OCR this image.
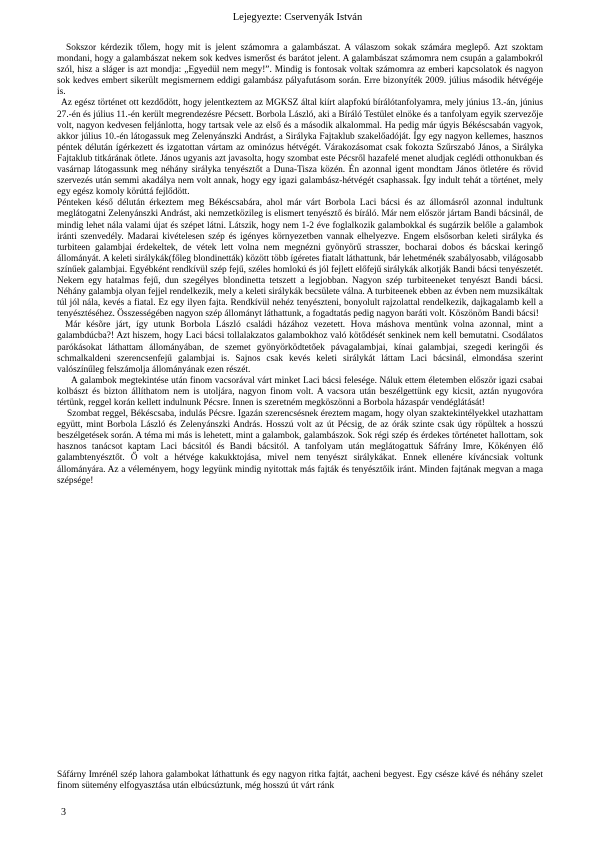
Lejegyezte: Cservenyák István

Sokszor kérdezik tőlem, hogy mit is jelent számomra a galambászat. A válaszom sokak számára meglepő. Azt szoktam mondani, hogy a galambászat nekem sok kedves ismerőst és barátot jelent. A galambászat számomra nem csupán a galambokról szól, hisz a sláger is azt mondja: „Egyedül nem megy!”. Mindig is fontosak voltak számomra az emberi kapcsolatok és nagyon sok kedves embert sikerült megismernem eddigi galambász pályafutásom során. Erre bizonyíték 2009. július második hétvégéje is.

Az egész történet ott kezdődött, hogy jelentkeztem az MGKSZ által kiírt alapfokú bírálótanfolyamra, mely június 13.-án, június 27.-én és július 11.-én került megrendezésre Pécsett. Borbola László, aki a Bíráló Testület elnöke és a tanfolyam egyik szervezője volt, nagyon kedvesen feljánlotta, hogy tartsak vele az első és a második alkalommal. Ha pedig már úgyis Békéscsabán vagyok, akkor július 10.-én látogassuk meg Zelenyánszki Andrást, a Sirálykа Fajtaklub szakelőadóját. Így egy nagyon kellemes, hasznos péntek délután ígérkezett és izgatottan vártam az ominózus hétvégét. Várakozásomat csak fokozta Szűrszabó János, a Sirálykа Fajtaklub titkárának ötlete. János ugyanis azt javasolta, hogy szombat este Pécsről hazafelé menet aludjak ceglédi otthonukban és vasárnap látogassunk meg néhány sirályka tenyésztőt a Duna-Tisza közén. Én azonnal igent mondtam János ötletére és rövid szervezés után semmi akadálya nem volt annak, hogy egy igazi galambász-hétvégét csaphassak. Így indult tehát a történet, mely egy egész komoly körúttá fejlődött.

Pénteken késő délután érkeztem meg Békéscsabára, ahol már várt Borbola Laci bácsi és az állomásról azonnal indultunk meglátogatni Zelenyánszki Andrást, aki nemzetközileg is elismert tenyésztő és bíráló. Már nem először jártam Bandi bácsinál, de mindig lehet nála valami újat és szépet látni. Látszik, hogy nem 1-2 éve foglalkozik galambokkal és sugárzik belőle a galambok iránti szenvedély. Madarai kivételesen szép és igényes környezetben vannak elhelyezve. Engem elsősorban keleti sirályka és turbiteen galambjai érdekeltek, de vétek lett volna nem megnézni gyönyörű strasszer, bocharai dobos és bácskai keringő állományát. A keleti sirálykák(főleg blondinetták) között több ígéretes fiatalt láthattunk, bár lehetménék szabályosabb, világosabb színűek galambjai. Egyébként rendkívül szép fejű, széles homlokú és jól fejlett előfejű sirálykák alkotják Bandi bácsi tenyészetét. Nekem egy hatalmas fejű, dun szegélyes blondinetta tetszett a legjobban. Nagyon szép turbiteeneket tenyészt Bandi bácsi. Néhány galambja olyan fejjel rendelkezik, mely a keleti sirálykák becsülete válna. A turbiteenek ebben az évben nem muzsikáltak túl jól nála, kevés a fiatal. Ez egy ilyen fajta. Rendkívül nehéz tenyészteni, bonyolult rajzolattal rendelkezik, dajkagalamb kell a tenyésztéséhez. Összességében nagyon szép állományt láthattunk, a fogadtatás pedig nagyon baráti volt. Köszönöm Bandi bácsi!

Már késõre járt, így utunk Borbola László családi házához vezetett. Hova máshova mentünk volna azonnal, mint a galambdúcba?! Azt hiszem, hogy Laci bácsi tollalakzatos galambokhoz való kötődését senkinek nem kell bemutatni. Csodálatos parókásokat láthattam állományában, de szemet gyönyörködtetőek pávagalambjai, kínai galambjai, szegedi keringői és schmalkaldeni szerencsenfejű galambjai is. Sajnos csak kevés keleti sirálykát láttam Laci bácsinál, elmondása szerint valószínűleg felszámolja állományának ezen részét.

A galambok megtekintése után finom vacsorával várt minket Laci bácsi felesége. Náluk ettem életemben először igazi csabai kolbászt és bizton állíthatom nem is utoljára, nagyon finom volt. A vacsora után beszélgettünk egy kicsit, aztán nyugovóra tértünk, reggel korán kellett indulnunk Pécsre. Innen is szeretném megköszönni a Borbola házaspár vendéglátását!

Szombat reggel, Békéscsaba, indulás Pécsre. Igazán szerencsésnek éreztem magam, hogy olyan szaktekintélyekkel utazhattam együtt, mint Borbola László és Zelenyánszki András. Hosszú volt az út Pécsig, de az órák szinte csak úgy röpültek a hosszú beszélgetések során. A téma mi más is lehetett, mint a galambok, galambászok. Sok régi szép és érdekes történetet hallottam, sok hasznos tanácsot kaptam Laci bácsitól és Bandi bácsitól. A tanfolyam után meglátogattuk Sáfrány Imre, Kökényen élő galambtenyésztőt. Ő volt a hétvége kakukktojása, mivel nem tenyészt sirálykákat. Ennek ellenére kíváncsiak voltunk állományára. Az a véleményem, hogy legyünk mindig nyitottak más fajták és tenyésztőik iránt. Minden fajtának megvan a maga szépsége!

Sáfárny Imrénél szép lahora galambokat láthattunk és egy nagyon ritka fajtát, aacheni begyest. Egy csésze kávé és néhány szelet finom sütemény elfogyasztása után elbúcsúztunk, még hosszú út várt ránk

3
